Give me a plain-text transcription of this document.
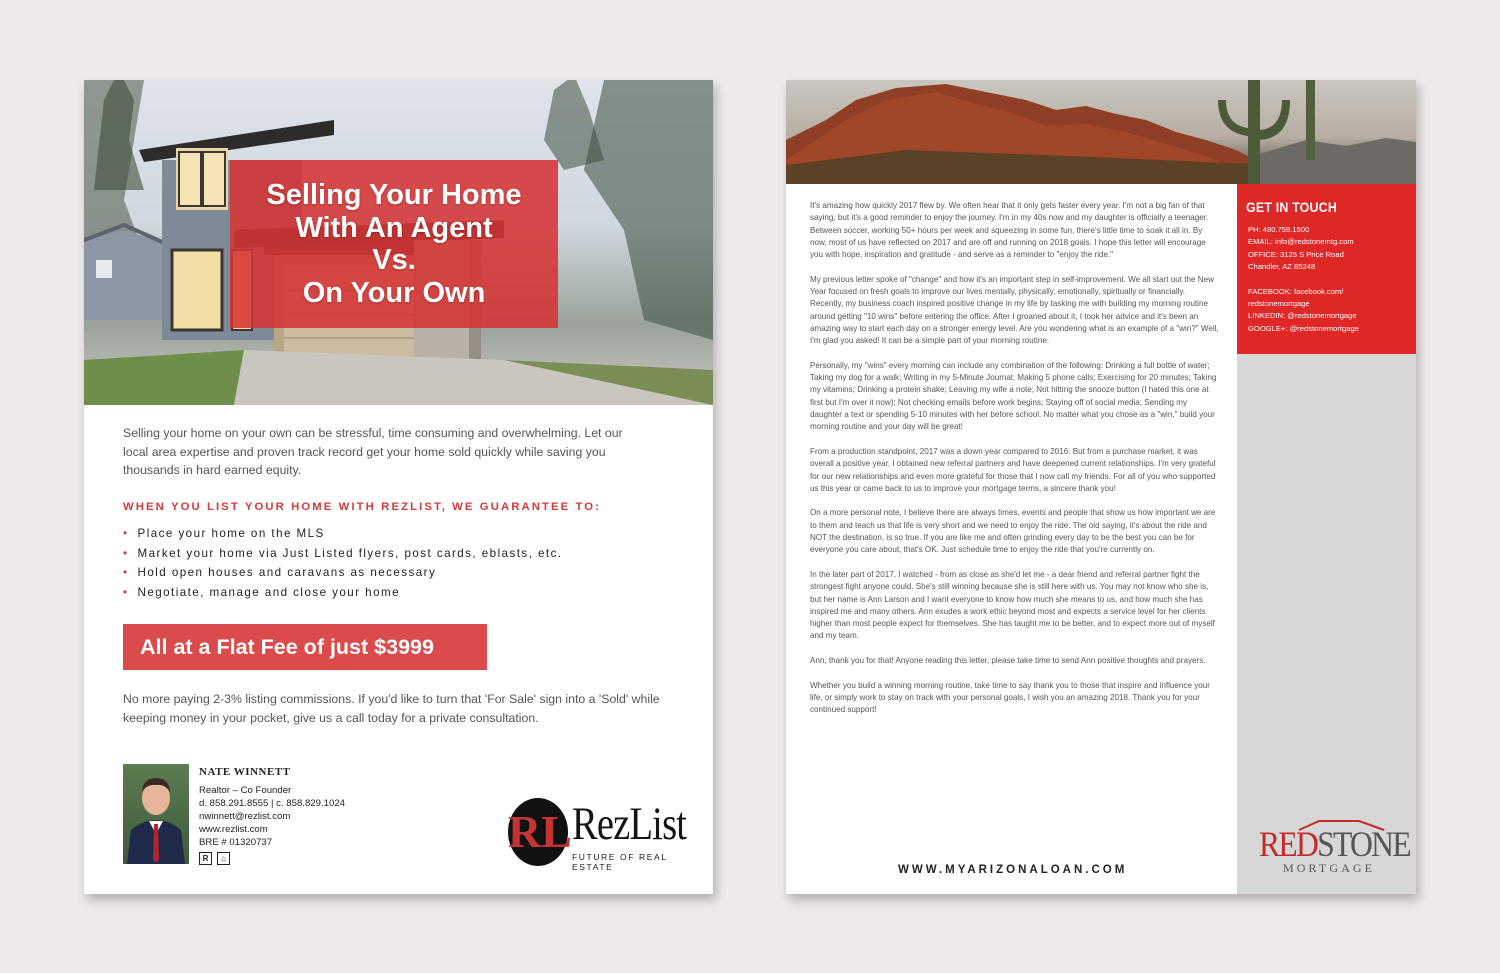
Selling Your Home
With An Agent
Vs.
On Your Own
Selling your home on your own can be stressful, time consuming and overwhelming. Let our local area expertise and proven track record get your home sold quickly while saving you thousands in hard earned equity.
WHEN YOU LIST YOUR HOME WITH REZLIST, WE GUARANTEE TO:
• Place your home on the MLS
• Market your home via Just Listed flyers, post cards, eblasts, etc.
• Hold open houses and caravans as necessary
• Negotiate, manage and close your home
All at a Flat Fee of just $3999
No more paying 2-3% listing commissions. If you'd like to turn that 'For Sale' sign into a 'Sold' while keeping money in your pocket, give us a call today for a private consultation.
NATE WINNETT
Realtor – Co Founder
d. 858.291.8555 | c. 858.829.1024
nwinnett@rezlist.com
www.rezlist.com
BRE # 01320737
R	⌂
RL RezList
FUTURE OF REAL ESTATE

It's amazing how quickly 2017 flew by. We often hear that it only gets faster every year. I'm not a big fan of that saying, but it's a good reminder to enjoy the journey. I'm in my 40s now and my daughter is officially a teenager. Between soccer, working 50+ hours per week and squeezing in some fun, there's little time to soak it all in. By now, most of us have reflected on 2017 and are off and running on 2018 goals. I hope this letter will encourage you with hope, inspiration and gratitude - and serve as a reminder to "enjoy the ride."

My previous letter spoke of "change" and how it's an important step in self-improvement. We all start out the New Year focused on fresh goals to improve our lives mentally, physically, emotionally, spiritually or financially. Recently, my business coach inspired positive change in my life by tasking me with building my morning routine around getting "10 wins" before entering the office. After I groaned about it, I took her advice and it's been an amazing way to start each day on a stronger energy level. Are you wondering what is an example of a "win?" Well, I'm glad you asked! It can be a simple part of your morning routine.

Personally, my "wins" every morning can include any combination of the following: Drinking a full bottle of water; Taking my dog for a walk; Writing in my 5-Minute Journal; Making 5 phone calls; Exercising for 20 minutes; Taking my vitamins; Drinking a protein shake; Leaving my wife a note; Not hitting the snooze button (I hated this one at first but I'm over it now); Not checking emails before work begins; Staying off of social media; Sending my daughter a text or spending 5-10 minutes with her before school. No matter what you chose as a "win," build your morning routine and your day will be great!

From a production standpoint, 2017 was a down year compared to 2016. But from a purchase market, it was overall a positive year. I obtained new referral partners and have deepened current relationships. I'm very grateful for our new relationships and even more grateful for those that I now call my friends. For all of you who supported us this year or came back to us to improve your mortgage terms, a sincere thank you!

On a more personal note, I believe there are always times, events and people that show us how important we are to them and teach us that life is very short and we need to enjoy the ride. The old saying, it's about the ride and NOT the destination, is so true. If you are like me and often grinding every day to be the best you can be for everyone you care about, that's OK. Just schedule time to enjoy the ride that you're currently on.

In the later part of 2017, I watched - from as close as she'd let me - a dear friend and referral partner fight the strongest fight anyone could. She's still winning because she is still here with us. You may not know who she is, but her name is Ann Larson and I want everyone to know how much she means to us, and how much she has inspired me and many others. Ann exudes a work ethic beyond most and expects a service level for her clients higher than most people expect for themselves. She has taught me to be better, and to expect more out of myself and my team.

Ann, thank you for that! Anyone reading this letter, please take time to send Ann positive thoughts and prayers.

Whether you build a winning morning routine, take time to say thank you to those that inspire and influence your life, or simply work to stay on track with your personal goals, I wish you an amazing 2018. Thank you for your continued support!

WWW.MYARIZONALOAN.COM
GET IN TOUCH
PH: 480.759.1500
EMAIL: info@redstonemtg.com
OFFICE: 3125 S Price Road
Chandler, AZ 85248
FACEBOOK: facebook.com/
redstonemortgage
LINKEDIN: @redstonemortgage
GOOGLE+: @redstonemortgage
REDSTONE
MORTGAGE
